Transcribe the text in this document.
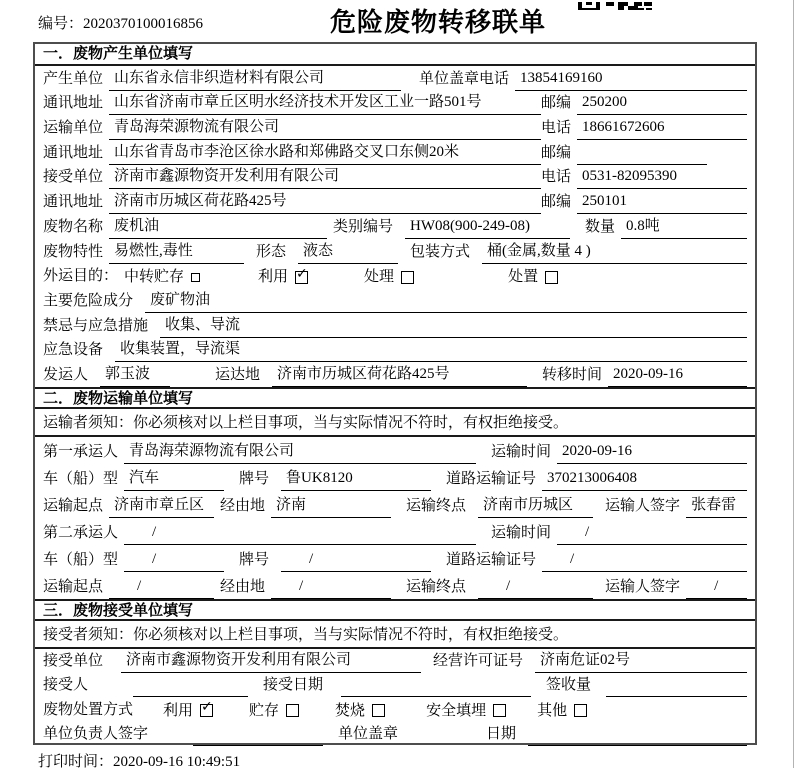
编号：2020370100016856	危险废物转移联单
一．废物产生单位填写
产生单位 山东省永信非织造材料有限公司	单位盖章 电话 13854169160
通讯地址 山东省济南市章丘区明水经济技术开发区工业一路501号	邮编 250200
运输单位 青岛海荣源物流有限公司	电话 18661672606
通讯地址 山东省青岛市李沧区徐水路和郑佛路交叉口东侧20米	邮编
接受单位 济南市鑫源物资开发利用有限公司	电话 0531-82095390
通讯地址 济南市历城区荷花路425号	邮编 250101
废物名称 废机油	类别编号	HW08(900-249-08)	数量 0.8吨
废物特性 易燃性,毒性	形态	液态	包装方式	桶(金属,数量 4 )
外运目的： 中转贮存	利用 ✓	处理	处置
主要危险成分	废矿物油
禁忌与应急措施	收集、导流
应急设备	收集装置，导流渠
发运人	郭玉波	运达地	济南市历城区荷花路425号	转移时间 2020-09-16
二．废物运输单位填写
运输者须知：你必须核对以上栏目事项，当与实际情况不符时，有权拒绝接受。
第一承运人 青岛海荣源物流有限公司	运输时间 2020-09-16
车（船）型 汽车	牌号	鲁UK8120	道路运输证号 370213006408
运输起点 济南市章丘区	经由地 济南	运输终点	济南市历城区	运输人签字 张春雷
第二承运人	/	运输时间	/
车（船）型	/	牌号	/	道路运输证号	/
运输起点	/	经由地	/	运输终点	/	运输人签字	/
三．废物接受单位填写
接受者须知：你必须核对以上栏目事项，当与实际情况不符时，有权拒绝接受。
接受单位	济南市鑫源物资开发利用有限公司	经营许可证号	济南危证02号
接受人	接受日期	签收量
废物处置方式 利用 ✓ 贮存	焚烧	安全填埋	其他
单位负责人签字	单位盖章	日期
打印时间：2020-09-16 10:49:51
